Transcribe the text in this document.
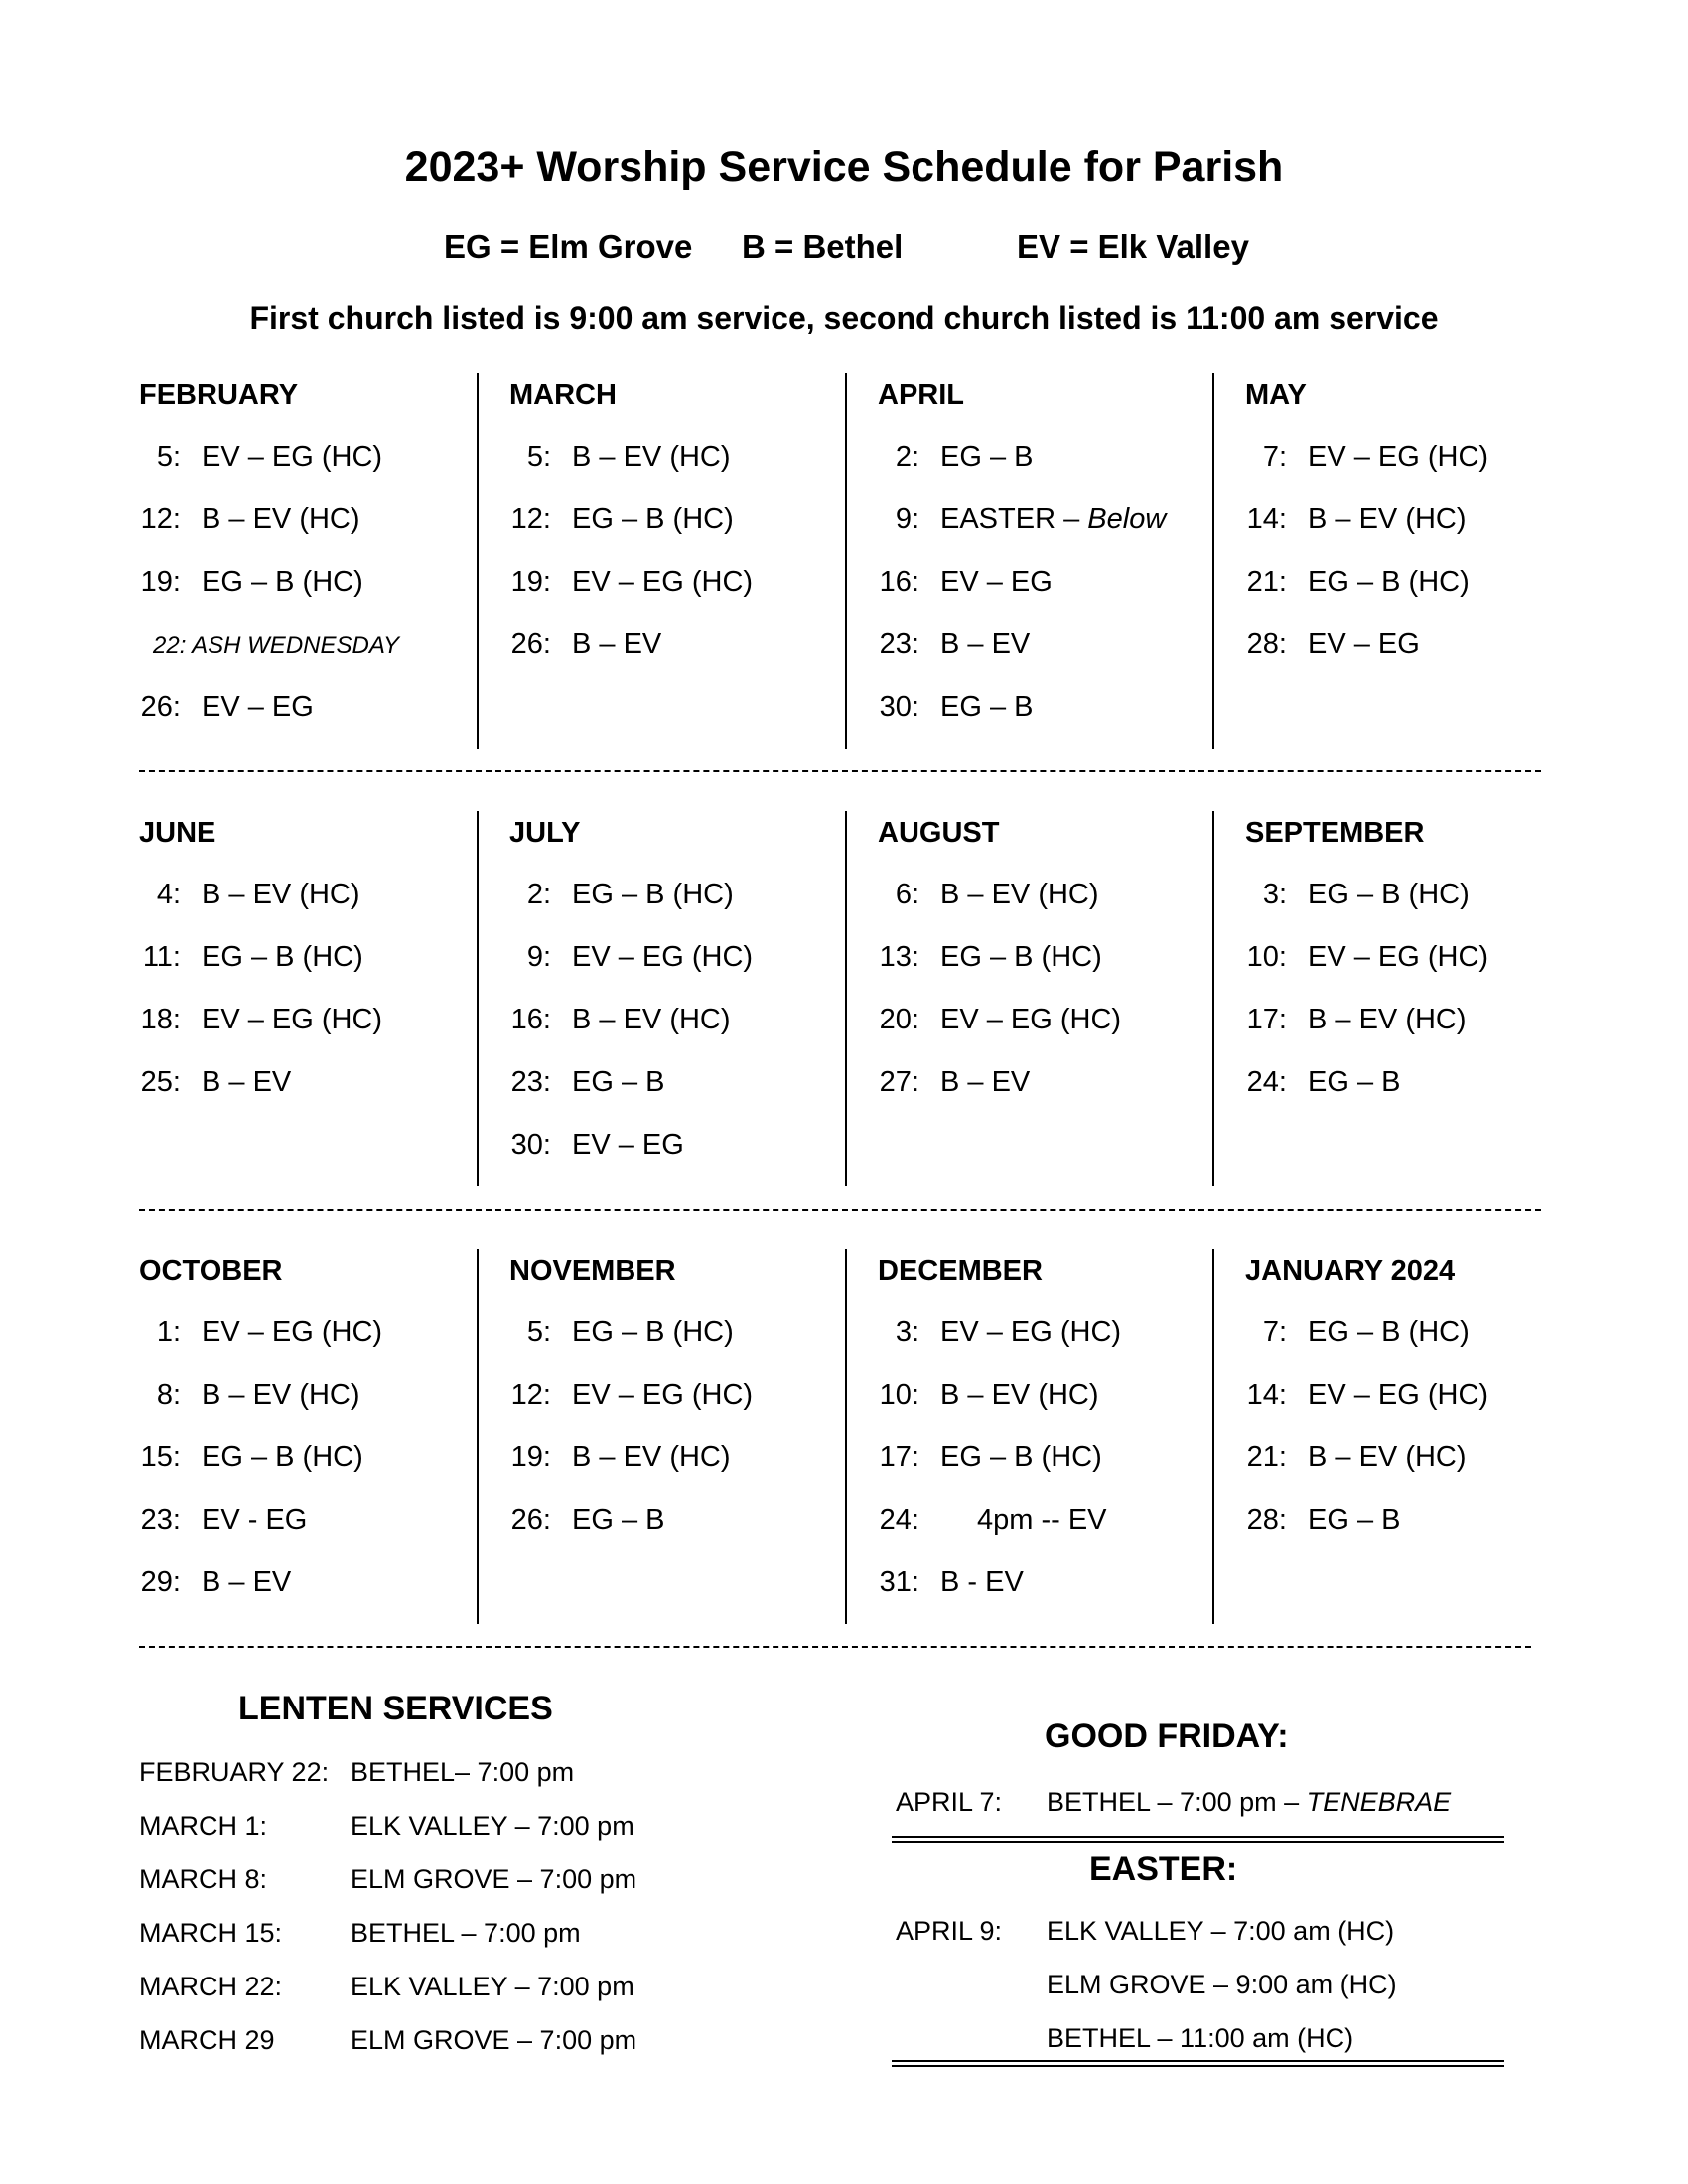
2023+ Worship Service Schedule for Parish
EG = Elm Grove B = Bethel	EV = Elk Valley
First church listed is 9:00 am service, second church listed is 11:00 am service
FEBRUARY
5: EV – EG (HC)
12: B – EV (HC)
19: EG – B (HC)
22: ASH WEDNESDAY
26: EV – EG
MARCH
5: B – EV (HC)
12: EG – B (HC)
19: EV – EG (HC)
26: B – EV
APRIL
2: EG – B
9: EASTER – Below
16: EV – EG
23: B – EV
30: EG – B
MAY
7: EV – EG (HC)
14: B – EV (HC)
21: EG – B (HC)
28: EV – EG
JUNE
4: B – EV (HC)
11: EG – B (HC)
18: EV – EG (HC)
25: B – EV
JULY
2: EG – B (HC)
9: EV – EG (HC)
16: B – EV (HC)
23: EG – B
30: EV – EG
AUGUST
6: B – EV (HC)
13: EG – B (HC)
20: EV – EG (HC)
27: B – EV
SEPTEMBER
3: EG – B (HC)
10: EV – EG (HC)
17: B – EV (HC)
24: EG – B
OCTOBER
1: EV – EG (HC)
8: B – EV (HC)
15: EG – B (HC)
23: EV - EG
29: B – EV
NOVEMBER
5: EG – B (HC)
12: EV – EG (HC)
19: B – EV (HC)
26: EG – B
DECEMBER
3: EV – EG (HC)
10: B – EV (HC)
17: EG – B (HC)
24: 4pm -- EV
31: B - EV
JANUARY 2024
7: EG – B (HC)
14: EV – EG (HC)
21: B – EV (HC)
28: EG – B
LENTEN SERVICES
FEBRUARY 22: BETHEL– 7:00 pm
MARCH 1:	ELK VALLEY – 7:00 pm
MARCH 8:	ELM GROVE – 7:00 pm
MARCH 15:	BETHEL – 7:00 pm
MARCH 22:	ELK VALLEY – 7:00 pm
MARCH 29	ELM GROVE – 7:00 pm
GOOD FRIDAY:
APRIL 7: BETHEL – 7:00 pm – TENEBRAE
EASTER:
APRIL 9: ELK VALLEY – 7:00 am (HC)
ELM GROVE – 9:00 am (HC)
BETHEL – 11:00 am (HC)
